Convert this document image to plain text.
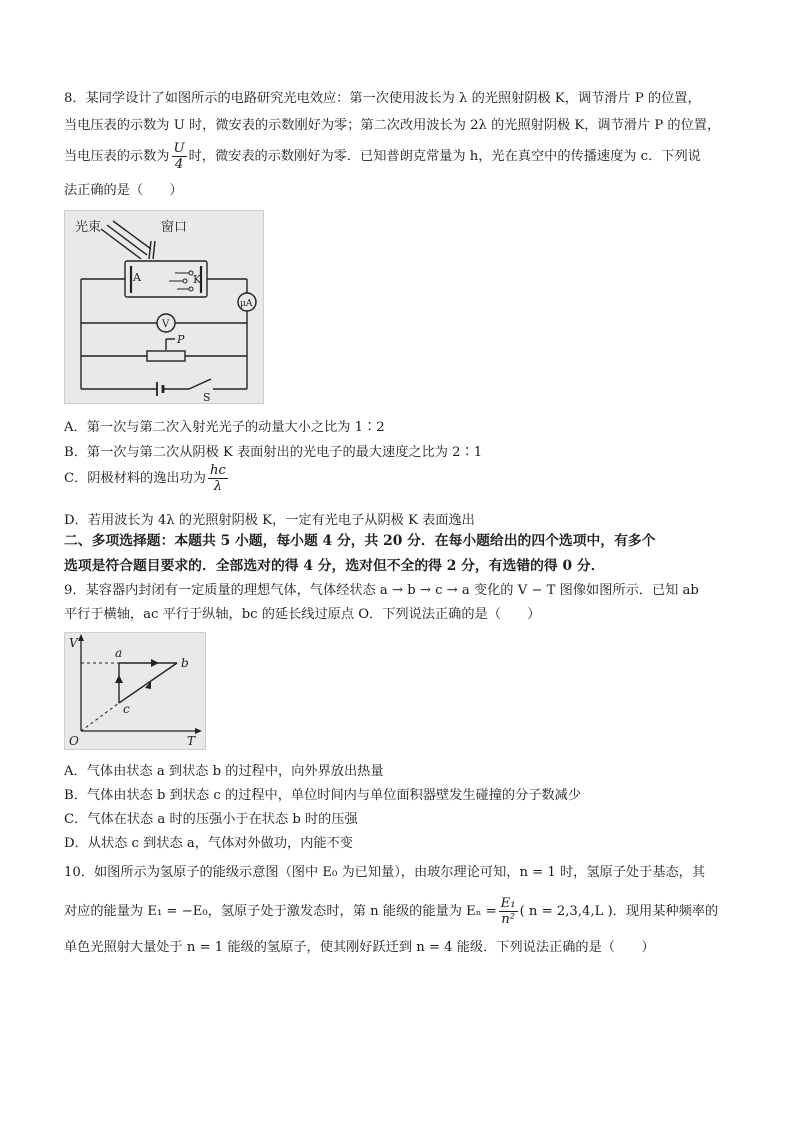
8．某同学设计了如图所示的电路研究光电效应：第一次使用波长为 λ 的光照射阴极 K，调节滑片 P 的位置，
当电压表的示数为 U 时，微安表的示数刚好为零；第二次改用波长为 2λ 的光照射阴极 K，调节滑片 P 的位置，
当电压表的示数为 $\frac{U}{4}$ 时，微安表的示数刚好为零．已知普朗克常量为 h，光在真空中的传播速度为 c．下列说
法正确的是（　　）
光束	窗口
A	K
μA
V
P
S
A．第一次与第二次入射光光子的动量大小之比为 1∶2
B．第一次与第二次从阴极 K 表面射出的光电子的最大速度之比为 2∶1
C．阴极材料的逸出功为 $\frac{hc}{\lambda}$
D．若用波长为 4λ 的光照射阴极 K，一定有光电子从阴极 K 表面逸出
二、多项选择题：本题共 5 小题，每小题 4 分，共 20 分．在每小题给出的四个选项中，有多个
选项是符合题目要求的．全部选对的得 4 分，选对但不全的得 2 分，有选错的得 0 分．
9．某容器内封闭有一定质量的理想气体，气体经状态 a → b → c → a 变化的 V − T 图像如图所示．已知 ab
平行于横轴，ac 平行于纵轴，bc 的延长线过原点 O．下列说法正确的是（　　）
V
T
O
a
b
c
A．气体由状态 a 到状态 b 的过程中，向外界放出热量
B．气体由状态 b 到状态 c 的过程中，单位时间内与单位面积器壁发生碰撞的分子数减少
C．气体在状态 a 时的压强小于在状态 b 时的压强
D．从状态 c 到状态 a，气体对外做功，内能不变
10．如图所示为氢原子的能级示意图（图中 E₀ 为已知量），由玻尔理论可知，n = 1 时，氢原子处于基态，其
对应的能量为 E₁ = −E₀，氢原子处于激发态时，第 n 能级的能量为 $E_n = \frac{\text{E₁}}{\text{n²}}$ ( n = 2,3,4,L )．现用某种频率的
单色光照射大量处于 n = 1 能级的氢原子，使其刚好跃迁到 n = 4 能级．下列说法正确的是（　　）
